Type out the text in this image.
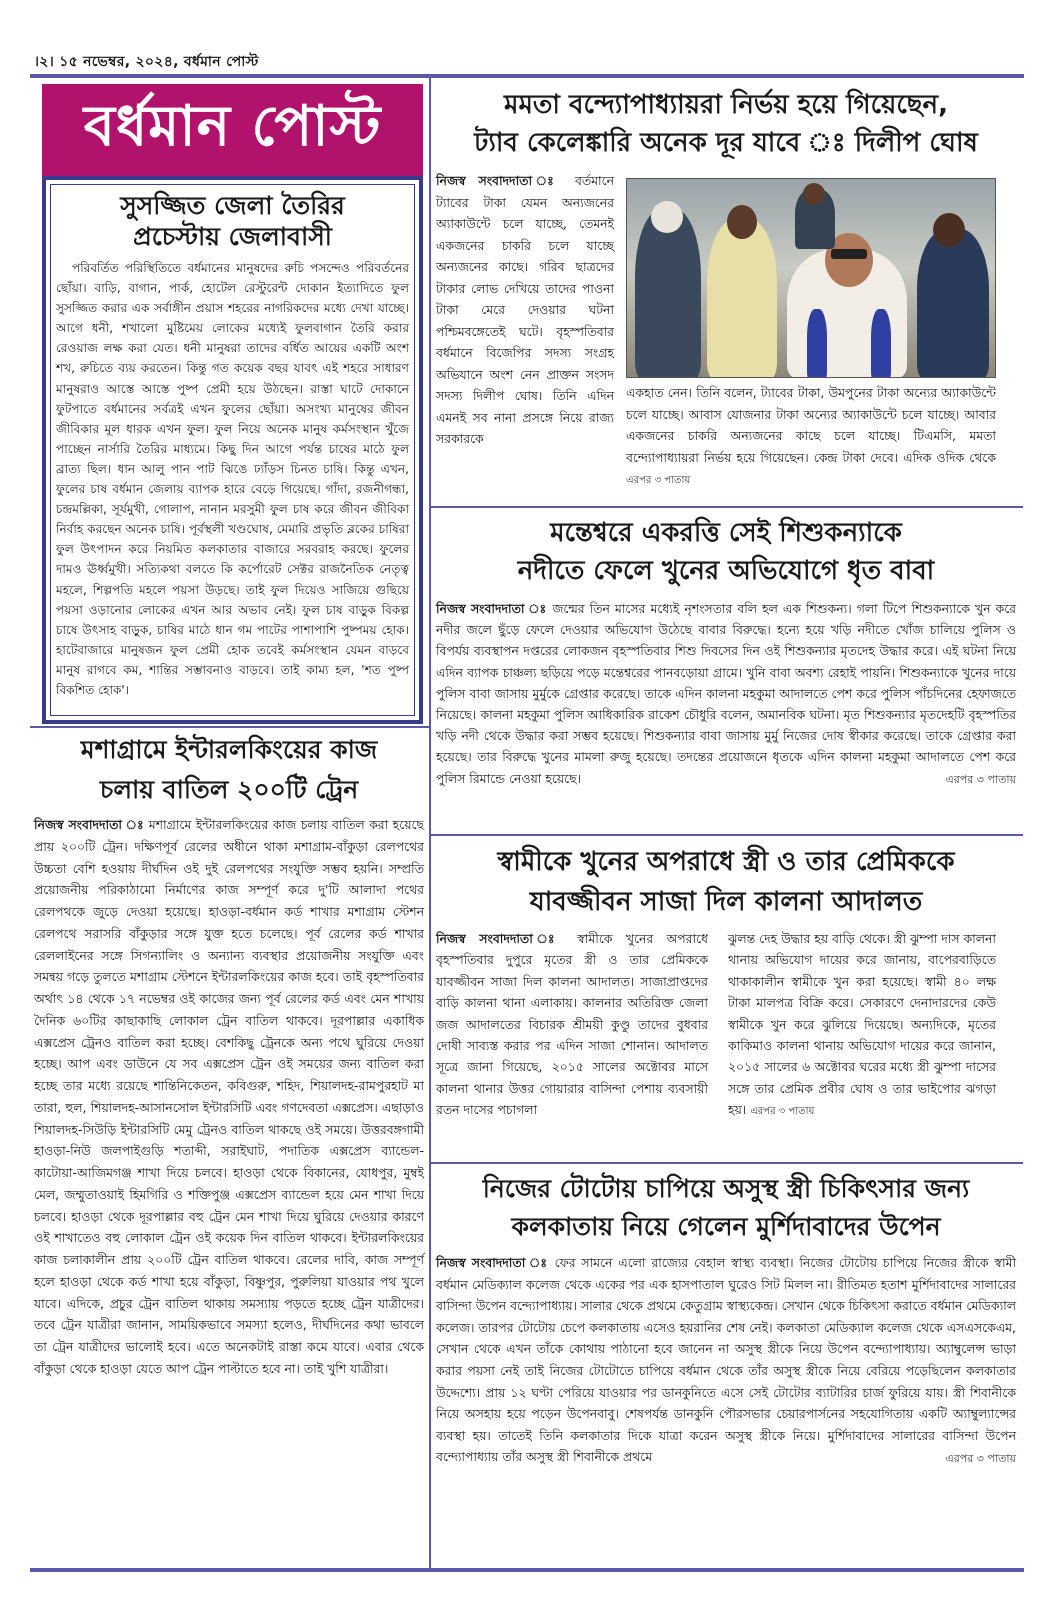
।২। ১৫ নভেম্বর, ২০২৪, বর্ধমান পোস্ট
বর্ধমান পোস্ট
সুসজ্জিত জেলা তৈরির
প্রচেস্টায় জেলাবাসী
পরিবর্তিত পরিস্থিতিতে বর্ধমানের মানুষদের রুচি পসন্দেও পরিবর্তনের ছোঁয়া। বাড়ি, বাগান, পার্ক, হোটেল রেস্টুরেন্ট দোকান ইত্যাদিতে ফুল সুসজ্জিত করার এক সর্বাঙ্গীন প্রয়াস শহরের নাগরিকদের মধ্যে দেখা যাচ্ছে। আগে ধনী, শখালো মুষ্টিমেয় লোকের মধ্যেই ফুলবাগান তৈরি করার রেওয়াজ লক্ষ করা যেত। ধনী মানুষরা তাদের বর্ধিত আয়ের একটি অংশ শখ, রুচিতে ব্যয় করতেন। কিন্তু গত কয়েক বছর যাবৎ এই শহরে সাধারণ মানুষরাও আস্তে আস্তে পুষ্প প্রেমী হয়ে উঠছেন। রাস্তা ঘাটে দোকানে ফুটপাতে বর্ধমানের সর্বত্রই এখন ফুলের ছোঁয়া। অসংখ্য মানুষের জীবন জীবিকার মূল ধারক এখন ফুল। ফুল নিয়ে অনেক মানুষ কর্মসংস্থান খুঁজে পাচ্ছেন নার্সারি তৈরির মাধ্যমে। কিছু দিন আগে পর্যন্ত চাষের মাঠে ফুল ব্রাত্য ছিল। ধান আলু পান পাট ঝিঙে ঢ্যাঁড়স চিনত চাষি। কিন্তু এখন, ফুলের চাষ বর্ধমান জেলায় ব্যাপক হারে বেড়ে গিয়েছে। গাঁদা, রজনীগন্ধা, চন্দ্রমল্লিকা, সূর্যমুখী, গোলাপ, নানান মরসুমী ফুল চাষ করে জীবন জীবিকা নির্বাহ করছেন অনেক চাষি। পূর্বস্থলী খণ্ডঘোষ, মেমারি প্রভৃতি ব্লকের চাষিরা ফুল উৎপাদন করে নিয়মিত কলকাতার বাজারে সরবরাহ করছে। ফুলের দামও ঊর্ধ্বমুখী। সত্যিকথা বলতে কি কর্পোরেট সেক্টর রাজনৈতিক নেতৃত্ব মহলে, শিল্পপতি মহলে পয়সা উড়ছে। তাই ফুল দিয়েও সাজিয়ে গুছিয়ে পয়সা ওড়ানোর লোকের এখন আর অভাব নেই। ফুল চাষ বাড়ুক বিকল্প চাষে উৎসাহ বাড়ুক, চাষির মাঠে ধান গম পাটের পাশাপাশি পুষ্পময় হোক। হাটেবাজারে মানুষজন ফুল প্রেমী হোক তবেই কর্মসংস্থান যেমন বাড়বে মানুষ রাগবে কম, শান্তির সম্ভাবনাও বাড়বে। তাই কাম্য হল, 'শত পুষ্প বিকশিত হোক'।
মমতা বন্দ্যোপাধ্যায়রা নির্ভয় হয়ে গিয়েছেন,
ট্যাব কেলেঙ্কারি অনেক দূর যাবে ঃ দিলীপ ঘোষ
নিজস্ব সংবাদদাতা ঃ বর্তমানে ট্যাবের টাকা যেমন অন্যজনের অ্যাকাউন্টে চলে যাচ্ছে, তেমনই একজনের চাকরি চলে যাচ্ছে অন্যজনের কাছে। গরিব ছাত্রদের টাকার লোভ দেখিয়ে তাদের পাওনা টাকা মেরে দেওয়ার ঘটনা পশ্চিমবঙ্গেতেই ঘটে। বৃহস্পতিবার বর্ধমানে বিজেপির সদস্য সংগ্রহ অভিযানে অংশ নেন প্রাক্তন সংসদ সদস্য দিলীপ ঘোষ। তিনি এদিন এমনই সব নানা প্রসঙ্গে নিয়ে রাজ্য সরকারকে
একহাত নেন। তিনি বলেন, ট্যাবের টাকা, উমপুনের টাকা অন্যের অ্যাকাউন্টে চলে যাচ্ছে। আবাস যোজনার টাকা অন্যের অ্যাকাউন্টে চলে যাচ্ছে। আবার একজনের চাকরি অন্যজনের কাছে চলে যাচ্ছে। টিএমসি, মমতা বন্দ্যোপাধ্যায়রা নির্ভয় হয়ে গিয়েছেন। কেন্দ্র টাকা দেবে। এদিক ওদিক থেকে এরপর ৩ পাতায়
মন্তেশ্বরে একরত্তি সেই শিশুকন্যাকে
নদীতে ফেলে খুনের অভিযোগে ধৃত বাবা
নিজস্ব সংবাদদাতা ঃ জন্মের তিন মাসের মধ্যেই নৃশংসতার বলি হল এক শিশুকন্য। গলা টিপে শিশুকন্যাকে খুন করে নদীর জলে ছুঁড়ে ফেলে দেওয়ার অভিযোগ উঠেছে বাবার বিরুদ্ধে। হন্যে হয়ে খড়ি নদীতে খোঁজ চালিয়ে পুলিস ও বিপর্যয় ব্যবস্থাপন দপ্তরের লোকজন বৃহস্পতিবার শিশু দিবসের দিন ওই শিশুকন্যার মৃতদেহ উদ্ধার করে। এই ঘটনা নিয়ে এদিন ব্যাপক চাঞ্চল্য ছড়িয়ে পড়ে মন্তেশ্বরের পানবড়োয়া গ্রামে। খুনি বাবা অবশ্য রেহাই পায়নি। শিশুকন্যাকে খুনের দায়ে পুলিস বাবা জাসায় মুর্মুকে গ্রেপ্তার করেছে। তাকে এদিন কালনা মহকুমা আদালতে পেশ করে পুলিস পাঁচদিনের হেফাজতে নিয়েছে। কালনা মহকুমা পুলিস আধিকারিক রাকেশ চৌধুরি বলেন, অমানবিক ঘটনা। মৃত শিশুকন্যার মৃতদেহটি বৃহস্পতির খড়ি নদী থেকে উদ্ধার করা সম্ভব হয়েছে। শিশুকন্যার বাবা জাসায় মুর্মু নিজের দোষ স্বীকার করেছে। তাকে গ্রেপ্তার করা হয়েছে। তার বিরুদ্ধে খুনের মামলা রুজু হয়েছে। তদন্তের প্রয়োজনে ধৃতকে এদিন কালনা মহকুমা আদালতে পেশ করে পুলিস রিমান্ডে নেওয়া হয়েছে।	এরপর ৩ পাতায়
মশাগ্রামে ইন্টারলকিংয়ের কাজ
চলায় বাতিল ২০০টি ট্রেন
নিজস্ব সংবাদদাতা ঃ মশাগ্রামে ইন্টারলকিংয়ের কাজ চলায় বাতিল করা হয়েছে প্রায় ২০০টি ট্রেন। দক্ষিণপূর্ব রেলের অধীনে থাকা মশাগ্রাম-বাঁকুড়া রেলপথের উচ্চতা বেশি হওয়ায় দীর্ঘদিন ওই দুই রেলপথের সংযুক্তি সম্ভব হয়নি। সম্প্রতি প্রয়োজনীয় পরিকাঠামো নির্মাণের কাজ সম্পূর্ণ করে দু'টি আলাদা পথের রেলপথকে জুড়ে দেওয়া হয়েছে। হাওড়া-বর্ধমান কর্ড শাখার মশাগ্রাম স্টেশন রেলপথে সরাসরি বাঁকুড়ার সঙ্গে যুক্ত হতে চলেছে। পূর্ব রেলের কর্ড শাখার রেললাইনের সঙ্গে সিগন্যালিং ও অন্যান্য ব্যবস্থার প্রয়োজনীয় সংযুক্তি এবং সমন্বয় গড়ে তুলতে মশাগ্রাম স্টেশনে ইন্টারলকিংয়ের কাজ হবে। তাই বৃহস্পতিবার অর্থাৎ ১৪ থেকে ১৭ নভেম্বর ওই কাজের জন্য পূর্ব রেলের কর্ড এবং মেন শাখায় দৈনিক ৬০টির কাছাকাছি লোকাল ট্রেন বাতিল থাকবে। দূরপাল্লার একাধিক এক্সপ্রেস ট্রেনও বাতিল করা হচ্ছে। বেশকিছু ট্রেনকে অন্য পথে ঘুরিয়ে দেওয়া হচ্ছে। আপ এবং ডাউনে যে সব এক্সপ্রেস ট্রেন ওই সময়ের জন্য বাতিল করা হচ্ছে তার মধ্যে রয়েছে শান্তিনিকেতন, কবিগুরু, শহিদ, শিয়ালদহ-রামপুরহাট মা তারা, হুল, শিয়ালদহ-আসানসোল ইন্টারসিটি এবং গণদেবতা এক্সপ্রেস। এছাড়াও শিয়ালদহ-সিউড়ি ইন্টারসিটি মেমু ট্রেনও বাতিল থাকছে ওই সময়ে। উত্তরবঙ্গগামী হাওড়া-নিউ জলপাইগুড়ি শতাব্দী, সরাইঘাট, পদাতিক এক্সপ্রেস ব্যান্ডেল-কাটোয়া-আজিমগঞ্জ শাখা দিয়ে চলবে। হাওড়া থেকে বিকানের, যোধপুর, মুম্বই মেল, জম্মুতাওয়াই হিমগিরি ও শক্তিপুঞ্জ এক্সপ্রেস ব্যান্ডেল হয়ে মেন শাখা দিয়ে চলবে। হাওড়া থেকে দূরপাল্লার বহু ট্রেন মেন শাখা দিয়ে ঘুরিয়ে দেওয়ার কারণে ওই শাখাতেও বহু লোকাল ট্রেন ওই কয়েক দিন বাতিল থাকবে। ইন্টারলকিংয়ের কাজ চলাকালীন প্রায় ২০০টি ট্রেন বাতিল থাকবে। রেলের দাবি, কাজ সম্পূর্ণ হলে হাওড়া থেকে কর্ড শাখা হয়ে বাঁকুড়া, বিষ্ণুপুর, পুরুলিয়া যাওয়ার পথ খুলে যাবে। এদিকে, প্রচুর ট্রেন বাতিল থাকায় সমস্যায় পড়তে হচ্ছে ট্রেন যাত্রীদের। তবে ট্রেন যাত্রীরা জানান, সাময়িকভাবে সমস্যা হলেও, দীর্ঘদিনের কথা ভাবলে তা ট্রেন যাত্রীদের ভালোই হবে। এতে অনেকটাই রাস্তা কমে যাবে। এবার থেকে বাঁকুড়া থেকে হাওড়া যেতে আপ ট্রেন পাল্টাতে হবে না। তাই খুশি যাত্রীরা।
স্বামীকে খুনের অপরাধে স্ত্রী ও তার প্রেমিককে
যাবজ্জীবন সাজা দিল কালনা আদালত
নিজস্ব সংবাদদাতা ঃ স্বামীকে খুনের অপরাধে বৃহস্পতিবার দুপুরে মৃতের স্ত্রী ও তার প্রেমিককে যাবজ্জীবন সাজা দিল কালনা আদালত। সাজাপ্রাপ্তদের বাড়ি কালনা থানা এলাকায়। কালনার অতিরিক্ত জেলা জজ আদালতের বিচারক শ্রীময়ী কুণ্ডু তাদের বুধবার দোষী সাব্যস্ত করার পর এদিন সাজা শোনান। আদালত সূত্রে জানা গিয়েছে, ২০১৫ সালের অক্টোবর মাসে কালনা থানার উত্তর গোয়ারার বাসিন্দা পেশায় ব্যবসায়ী রতন দাসের পচাগলা
ঝুলন্ত দেহ উদ্ধার হয় বাড়ি থেকে। স্ত্রী ঝুম্পা দাস কালনা থানায় অভিযোগ দায়ের করে জানায়, বাপেরবাড়িতে থাকাকালীন স্বামীকে খুন করা হয়েছে। স্বামী ৪০ লক্ষ টাকা মালপত্র বিক্রি করে। সেকারণে দেনাদারদের কেউ স্বামীকে খুন করে ঝুলিয়ে দিয়েছে। অন্যদিকে, মৃতের কাকিমাও কালনা থানায় অভিযোগ দায়ের করে জানান, ২০১৫ সালের ৬ অক্টোবর ঘরের মধ্যে স্ত্রী ঝুম্পা দাসের সঙ্গে তার প্রেমিক প্রবীর ঘোষ ও তার ভাইপোর ঝগড়া হয়। এরপর ৩ পাতায়
নিজের টোটোয় চাপিয়ে অসুস্থ স্ত্রী চিকিৎসার জন্য
কলকাতায় নিয়ে গেলেন মুর্শিদাবাদের উপেন
নিজস্ব সংবাদদাতা ঃ ফের সামনে এলো রাজ্যের বেহাল স্বাস্থ্য ব্যবস্থা। নিজের টোটোয় চাপিয়ে নিজের স্ত্রীকে স্বামী বর্ধমান মেডিক্যাল কলেজ থেকে একের পর এক হাসপাতাল ঘুরেও সিট মিলল না। রীতিমত হতাশ মুর্শিদাবাদের সালারের বাসিন্দা উপেন বন্দ্যোপাধ্যায়। সালার থেকে প্রথমে কেতুগ্রাম স্বাস্থ্যকেন্দ্র। সেখান থেকে চিকিৎসা করাতে বর্ধমান মেডিক্যাল কলেজ। তারপর টোটোয় চেপে কলকাতায় এসেও হয়রানির শেষ নেই। কলকাতা মেডিক্যাল কলেজ থেকে এসএসকেএম, সেখান থেকে এখন তাঁকে কোথায় পাঠানো হবে জানেন না অসুস্থ স্ত্রীকে নিয়ে উপেন বন্দ্যোপাধ্যায়। অ্যাম্বুলেন্স ভাড়া করার পয়সা নেই তাই নিজের টোটোতে চাপিয়ে বর্ধমান থেকে তাঁর অসুস্থ স্ত্রীকে নিয়ে বেরিয়ে পড়েছিলেন কলকাতার উদ্দেশ্যে। প্রায় ১২ ঘণ্টা পেরিয়ে যাওয়ার পর ডানকুনিতে এসে সেই টোটোর ব্যাটারির চার্জ ফুরিয়ে যায়। স্ত্রী শিবানীকে নিয়ে অসহায় হয়ে পড়েন উপেনবাবু। শেষপর্যন্ত ডানকুনি পৌরসভার চেয়ারপার্সনের সহযোগিতায় একটি অ্যাম্বুল্যান্সের ব্যবস্থা হয়। তাতেই তিনি কলকাতার দিকে যাত্রা করেন অসুস্থ স্ত্রীকে নিয়ে। মুর্শিদাবাদের সালারের বাসিন্দা উপেন বন্দ্যোপাধ্যায় তাঁর অসুস্থ স্ত্রী শিবানীকে প্রথমে	এরপর ৩ পাতায়
